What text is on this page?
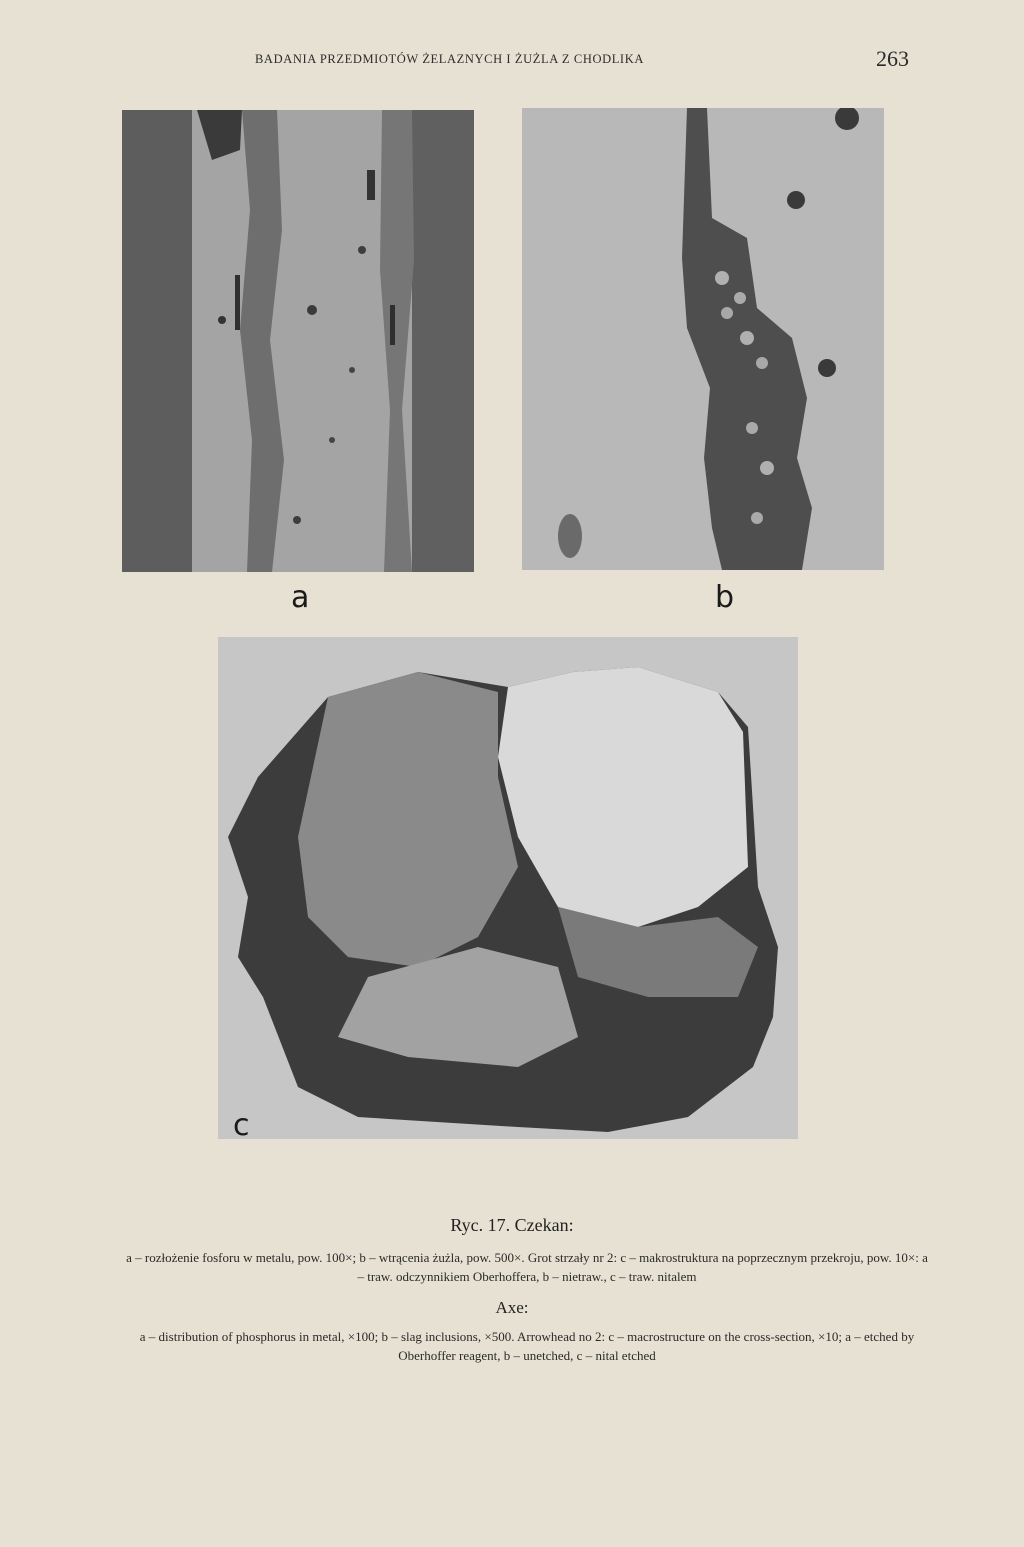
BADANIA PRZEDMIOTÓW ŻELAZNYCH I ŻUŻLA Z CHODLIKA	263
a	b
c
Ryc. 17. Czekan:
a – rozłożenie fosforu w metalu, pow. 100×; b – wtrącenia żużla, pow. 500×. Grot strzały nr 2: c – makrostruktura na poprzecznym przekroju, pow. 10×: a – traw. odczynnikiem Oberhoffera, b – nietraw., c – traw. nitalem
Axe:
a – distribution of phosphorus in metal, ×100; b – slag inclusions, ×500. Arrowhead no 2: c – macrostructure on the cross-section, ×10; a – etched by Oberhoffer reagent, b – unetched, c – nital etched
